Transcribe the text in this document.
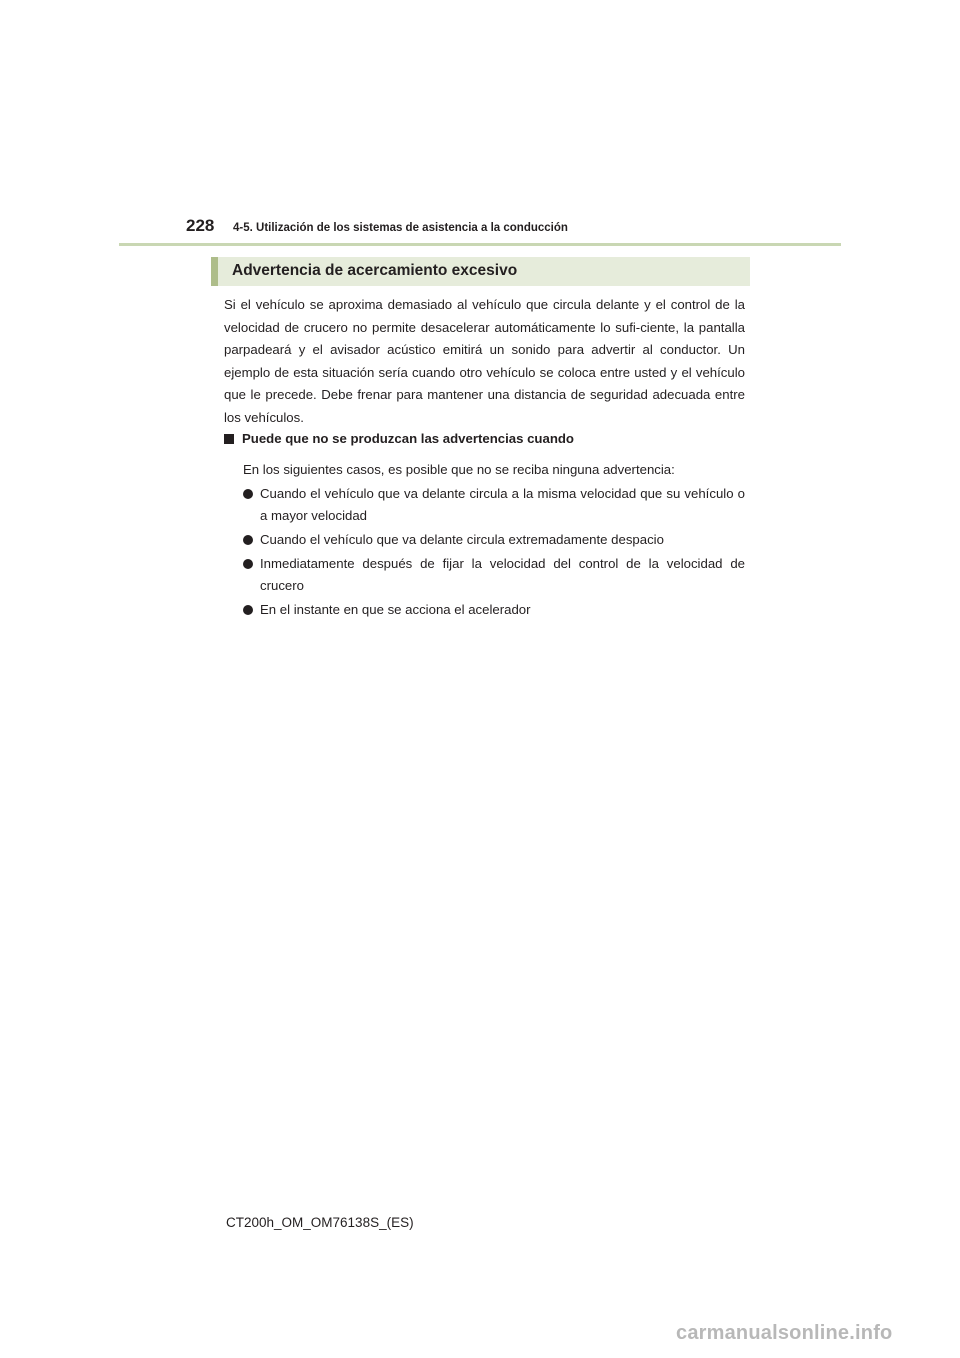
228 4-5. Utilización de los sistemas de asistencia a la conducción
Advertencia de acercamiento excesivo

Si el vehículo se aproxima demasiado al vehículo que circula delante y el control de la velocidad de crucero no permite desacelerar automáticamente lo sufi-ciente, la pantalla parpadeará y el avisador acústico emitirá un sonido para advertir al conductor. Un ejemplo de esta situación sería cuando otro vehículo se coloca entre usted y el vehículo que le precede. Debe frenar para mantener una distancia de seguridad adecuada entre los vehículos.

Puede que no se produzcan las advertencias cuando

En los siguientes casos, es posible que no se reciba ninguna advertencia:

Cuando el vehículo que va delante circula a la misma velocidad que su vehículo o a mayor velocidad
Cuando el vehículo que va delante circula extremadamente despacio
Inmediatamente después de fijar la velocidad del control de la velocidad de crucero
En el instante en que se acciona el acelerador
CT200h_OM_OM76138S_(ES)
carmanualsonline.info
